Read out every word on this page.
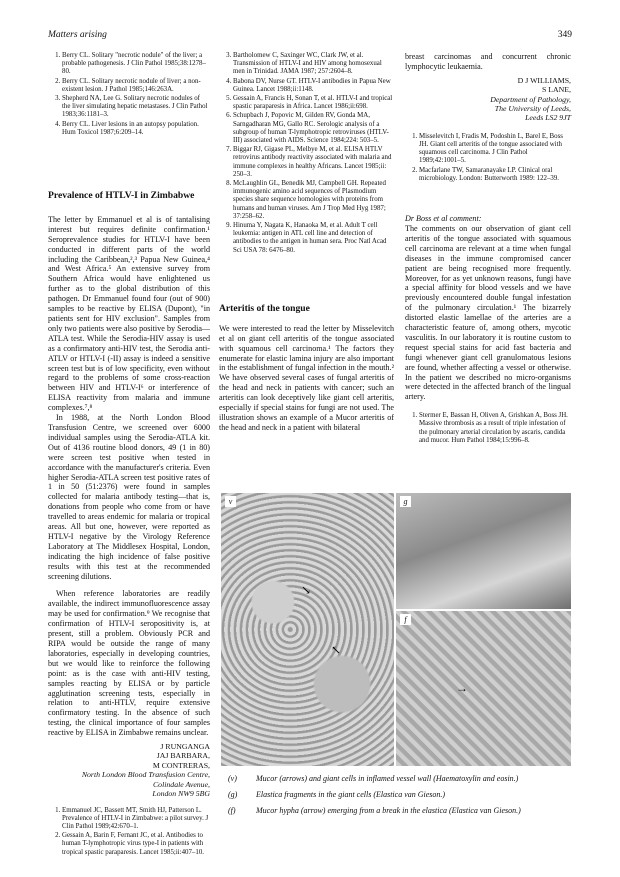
Matters arising	349
1. Berry CL. Solitary "necrotic nodule" of the liver; a probable pathogenesis. J Clin Pathol 1985;38:1278–80.
2. Berry CL. Solitary necrotic nodule of liver; a non-existent lesion. J Pathol 1985;146:263A.
3. Shepherd NA, Lee G. Solitary necrotic nodules of the liver simulating hepatic metastases. J Clin Pathol 1983;36:1181–3.
4. Berry CL. Liver lesions in an autopsy population. Hum Toxicol 1987;6:209–14.

Prevalence of HTLV-I in Zimbabwe

The letter by Emmanuel et al is of tantalising interest but requires definite confirmation.¹ Seroprevalence studies for HTLV-I have been conducted in different parts of the world including the Caribbean,²,³ Papua New Guinea,⁴ and West Africa.⁵ An extensive survey from Southern Africa would have enlightened us further as to the global distribution of this pathogen. Dr Emmanuel found four (out of 900) samples to be reactive by ELISA (Dupont), "in patients sent for HIV exclusion". Samples from only two patients were also positive by Serodia—ATLA test. While the Serodia-HIV assay is used as a confirmatory anti-HIV test, the Serodia anti-ATLV or HTLV-I (-II) assay is indeed a sensitive screen test but is of low specificity, even without regard to the problems of some cross-reaction between HIV and HTLV-I⁶ or interference of ELISA reactivity from malaria and immune complexes.⁷,⁸

In 1988, at the North London Blood Transfusion Centre, we screened over 6000 individual samples using the Serodia-ATLA kit. Out of 4136 routine blood donors, 49 (1 in 80) were screen test positive when tested in accordance with the manufacturer's criteria. Even higher Serodia-ATLA screen test positive rates of 1 in 50 (51:2376) were found in samples collected for malaria antibody testing—that is, donations from people who come from or have travelled to areas endemic for malaria or tropical areas. All but one, however, were reported as HTLV-I negative by the Virology Reference Laboratory at The Middlesex Hospital, London, indicating the high incidence of false positive results with this test at the recommended screening dilutions.

When reference laboratories are readily available, the indirect immunofluorescence assay may be used for confirmation.⁹ We recognise that confirmation of HTLV-I seropositivity is, at present, still a problem. Obviously PCR and RIPA would be outside the range of many laboratories, especially in developing countries, but we would like to reinforce the following point: as is the case with anti-HIV testing, samples reacting by ELISA or by particle agglutination screening tests, especially in relation to anti-HTLV, require extensive confirmatory testing. In the absence of such testing, the clinical importance of four samples reactive by ELISA in Zimbabwe remains unclear.

J RUNGANGA
JAJ BARBARA,
M CONTRERAS,
North London Blood Transfusion Centre,
Colindale Avenue,
London NW9 5BG
1. Emmanuel JC, Bassett MT, Smith HJ, Patterson L. Prevalence of HTLV-I in Zimbabwe: a pilot survey. J Clin Pathol 1989;42:670–1.
2. Gessain A, Barin F, Fernant JC, et al. Antibodies to human T-lymphotropic virus type-I in patients with tropical spastic paraparesis. Lancet 1985;ii:407–10.
3. Bartholomew C, Saxinger WC, Clark JW, et al. Transmission of HTLV-I and HIV among homosexual men in Trinidad. JAMA 1987; 257:2604–8.
4. Babona DV, Nurse GT. HTLV-I antibodies in Papua New Guinea. Lancet 1988;ii:1148.
5. Gessain A, Francis H, Sonan T, et al. HTLV-I and tropical spastic paraparesis in Africa. Lancet 1986;ii:698.
6. Schupbach J, Popovic M, Gilden RV, Gonda MA, Sarngadharan MG, Gallo RC. Serologic analysis of a subgroup of human T-lymphotropic retroviruses (HTLV-III) associated with AIDS. Science 1984;224: 503–5.
7. Biggar RJ, Gigase PL, Melbye M, et al. ELISA HTLV retrovirus antibody reactivity associated with malaria and immune complexes in healthy Africans. Lancet 1985;ii: 250–3.
8. McLaughlin GL, Benedik MJ, Campbell GH. Repeated immunogenic amino acid sequences of Plasmodium species share sequence homologies with proteins from humans and human viruses. Am J Trop Med Hyg 1987; 37:258–62.
9. Hinuma Y, Nagata K, Hanaoka M, et al. Adult T cell leukemia: antigen in ATL cell line and detection of antibodies to the antigen in human sera. Proc Natl Acad Sci USA 78: 6476–80.

Arteritis of the tongue

We were interested to read the letter by Misselevitch et al on giant cell arteritis of the tongue associated with squamous cell carcinoma.¹ The factors they enumerate for elastic lamina injury are also important in the establishment of fungal infection in the mouth.² We have observed several cases of fungal arteritis of the head and neck in patients with cancer; such an arteritis can look deceptively like giant cell arteritis, especially if special stains for fungi are not used. The illustration shows an example of a Mucor arteritis of the head and neck in a patient with bilateral

breast carcinomas and concurrent chronic lymphocytic leukaemia.

D J WILLIAMS,
S LANE,
Department of Pathology,
The University of Leeds,
Leeds LS2 9JT
1. Misselevitch I, Fradis M, Podoshin L, Barel E, Boss JH. Giant cell arteritis of the tongue associated with squamous cell carcinoma. J Clin Pathol 1989;42:1001–5.
2. Macfarlane TW, Samaranayake LP. Clinical oral microbiology. London: Butterworth 1989: 122–39.

Dr Boss et al comment:

The comments on our observation of giant cell arteritis of the tongue associated with squamous cell carcinoma are relevant at a time when fungal diseases in the immune compromised cancer patient are being recognised more frequently. Moreover, for as yet unknown reasons, fungi have a special affinity for blood vessels and we have previously encountered double fungal infestation of the pulmonary circulation.¹ The bizarrely distorted elastic lamellae of the arteries are a characteristic feature of, among others, mycotic vasculitis. In our laboratory it is routine custom to request special stains for acid fast bacteria and fungi whenever giant cell granulomatous lesions are found, whether affecting a vessel or otherwise. In the patient we described no micro-organisms were detected in the affected branch of the lingual artery.

1. Stermer E, Bassan H, Oliven A, Grishkan A, Boss JH. Massive thrombosis as a result of triple infestation of the pulmonary arterial circulation by ascaris, candida and mucor. Hum Pathol 1984;15:996–8.
v
↘
↖
g
f
→
(v) Mucor (arrows) and giant cells in inflamed vessel wall (Haematoxylin and eosin.)
(g) Elastica fragments in the giant cells (Elastica van Gieson.)
(f)	Mucor hypha (arrow) emerging from a break in the elastica (Elastica van Gieson.)
